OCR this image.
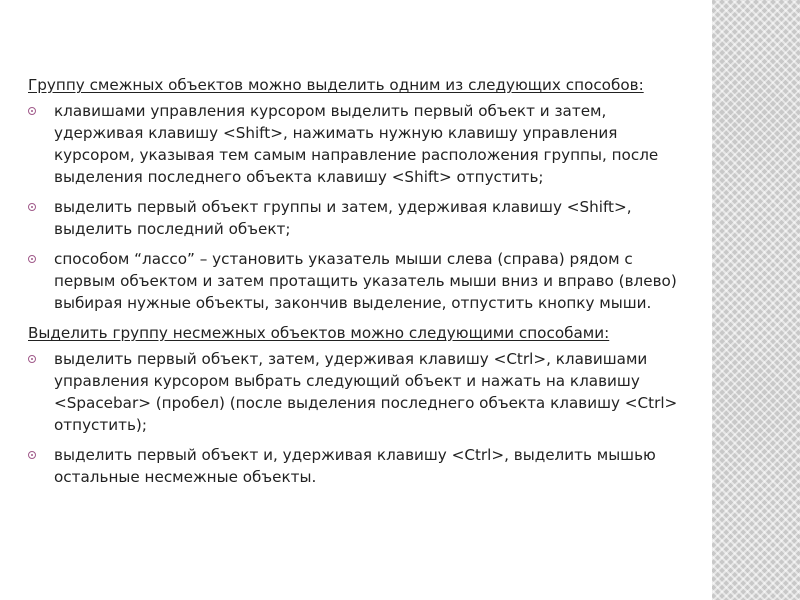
Группу смежных объектов можно выделить одним из следующих способов:
клавишами управления курсором выделить первый объект и затем,
удерживая клавишу <Shift>, нажимать нужную клавишу управления
курсором, указывая тем самым направление расположения группы, после
выделения последнего объекта клавишу <Shift> отпустить;
выделить первый объект группы и затем, удерживая клавишу <Shift>,
выделить последний объект;
способом “лассо” – установить указатель мыши слева (справа) рядом с
первым объектом и затем протащить указатель мыши вниз и вправо (влево)
выбирая нужные объекты, закончив выделение, отпустить кнопку мыши.
Выделить группу несмежных объектов можно следующими способами:
выделить первый объект, затем, удерживая клавишу <Ctrl>, клавишами
управления курсором выбрать следующий объект и нажать на клавишу
<Spacebar> (пробел) (после выделения последнего объекта клавишу <Ctrl>
отпустить);
выделить первый объект и, удерживая клавишу <Ctrl>, выделить мышью
остальные несмежные объекты.
